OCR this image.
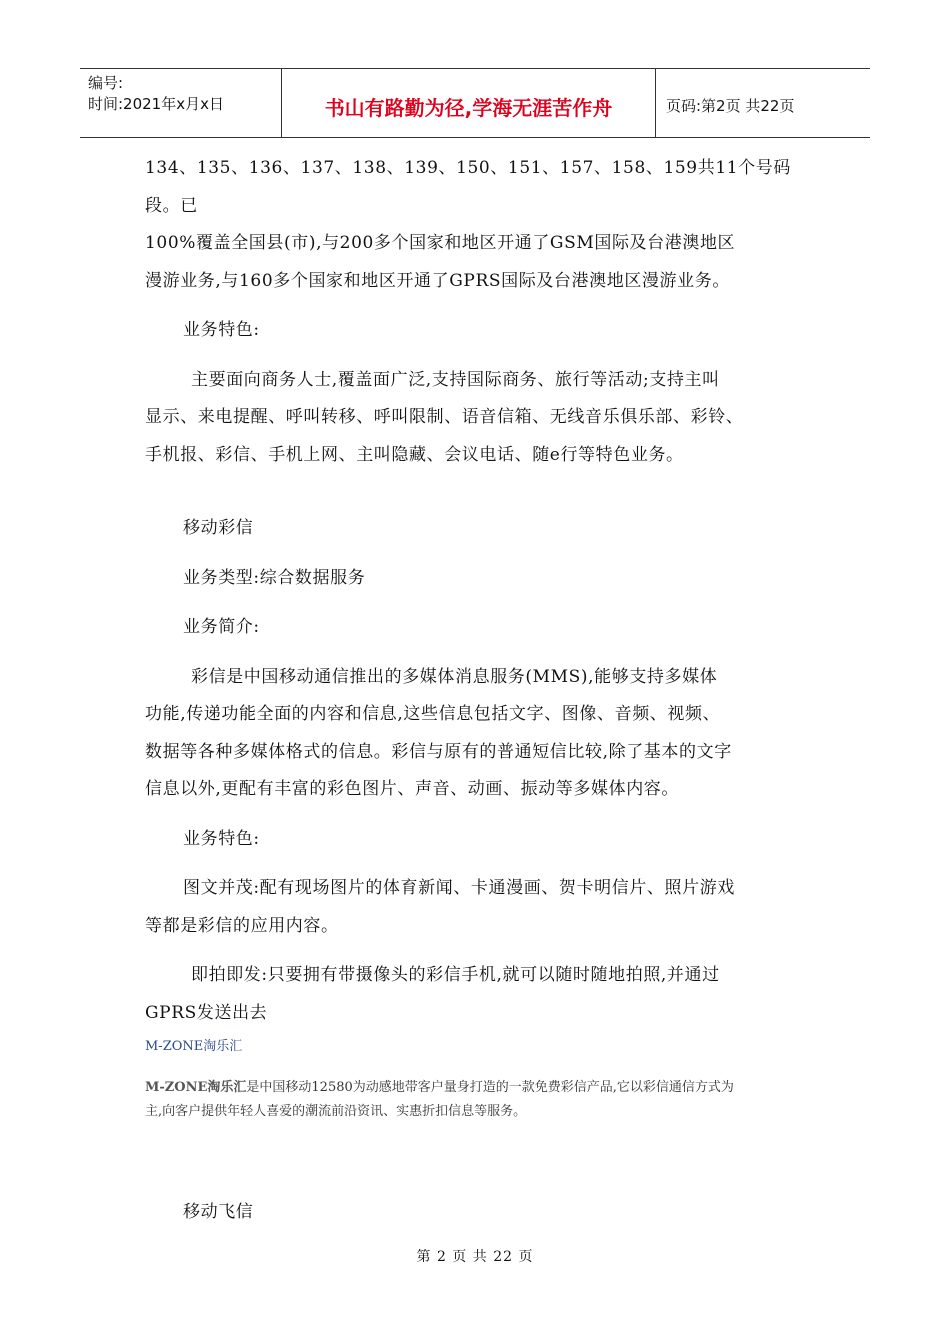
编号:
时间:2021年x月x日	书山有路勤为径,学海无涯苦作舟	页码:第2页 共22页

134、135、136、137、138、139、150、151、157、158、159共11个号码段。已

100%覆盖全国县(市),与200多个国家和地区开通了GSM国际及台港澳地区

漫游业务,与160多个国家和地区开通了GPRS国际及台港澳地区漫游业务。

业务特色:

主要面向商务人士,覆盖面广泛,支持国际商务、旅行等活动;支持主叫

显示、来电提醒、呼叫转移、呼叫限制、语音信箱、无线音乐俱乐部、彩铃、

手机报、彩信、手机上网、主叫隐藏、会议电话、随e行等特色业务。

移动彩信

业务类型:综合数据服务

业务简介:

彩信是中国移动通信推出的多媒体消息服务(MMS),能够支持多媒体

功能,传递功能全面的内容和信息,这些信息包括文字、图像、音频、视频、

数据等各种多媒体格式的信息。彩信与原有的普通短信比较,除了基本的文字

信息以外,更配有丰富的彩色图片、声音、动画、振动等多媒体内容。

业务特色:

图文并茂:配有现场图片的体育新闻、卡通漫画、贺卡明信片、照片游戏

等都是彩信的应用内容。

即拍即发:只要拥有带摄像头的彩信手机,就可以随时随地拍照,并通过

GPRS发送出去

M-ZONE淘乐汇

M-ZONE淘乐汇是中国移动12580为动感地带客户量身打造的一款免费彩信产品,它以彩信通信方式为

主,向客户提供年轻人喜爱的潮流前沿资讯、实惠折扣信息等服务。

移动飞信

第 2 页 共 22 页
